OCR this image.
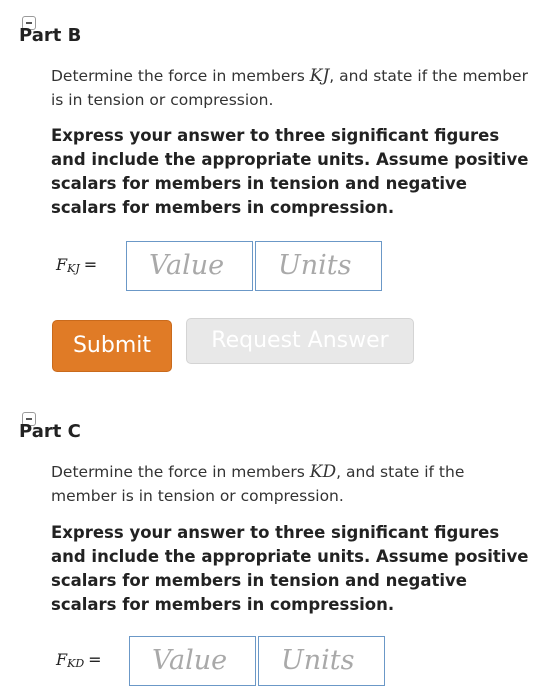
Part B

Determine the force in members KJ, and state if the member is in tension or compression.

Express your answer to three significant figures and include the appropriate units. Assume positive scalars for members in tension and negative scalars for members in compression.

FKJ =	Value	Units
Submit	Request Answer
Part C

Determine the force in members KD, and state if the member is in tension or compression.

Express your answer to three significant figures and include the appropriate units. Assume positive scalars for members in tension and negative scalars for members in compression.

FKD =	Value	Units
